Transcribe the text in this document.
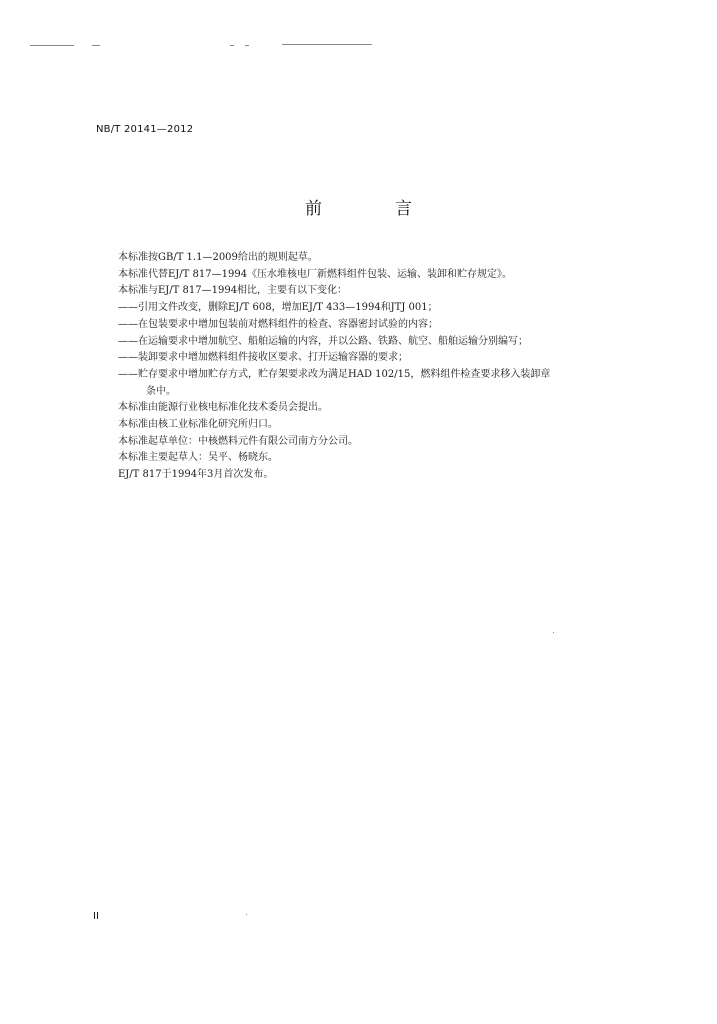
NB/T 20141—2012
前　言
本标准按GB/T 1.1—2009给出的规则起草。
本标准代替EJ/T 817—1994《压水堆核电厂新燃料组件包装、运输、装卸和贮存规定》。
本标准与EJ/T 817—1994相比，主要有以下变化：
——引用文件改变，删除EJ/T 608，增加EJ/T 433—1994和JTJ 001；
——在包装要求中增加包装前对燃料组件的检查、容器密封试验的内容；
——在运输要求中增加航空、船舶运输的内容，并以公路、铁路、航空、船舶运输分别编写；
——装卸要求中增加燃料组件接收区要求、打开运输容器的要求；
——贮存要求中增加贮存方式，贮存架要求改为满足HAD 102/15，燃料组件检查要求移入装卸章
条中。
本标准由能源行业核电标准化技术委员会提出。
本标准由核工业标准化研究所归口。
本标准起草单位：中核燃料元件有限公司南方分公司。
本标准主要起草人：吴平、杨晓东。
EJ/T 817于1994年3月首次发布。
II
